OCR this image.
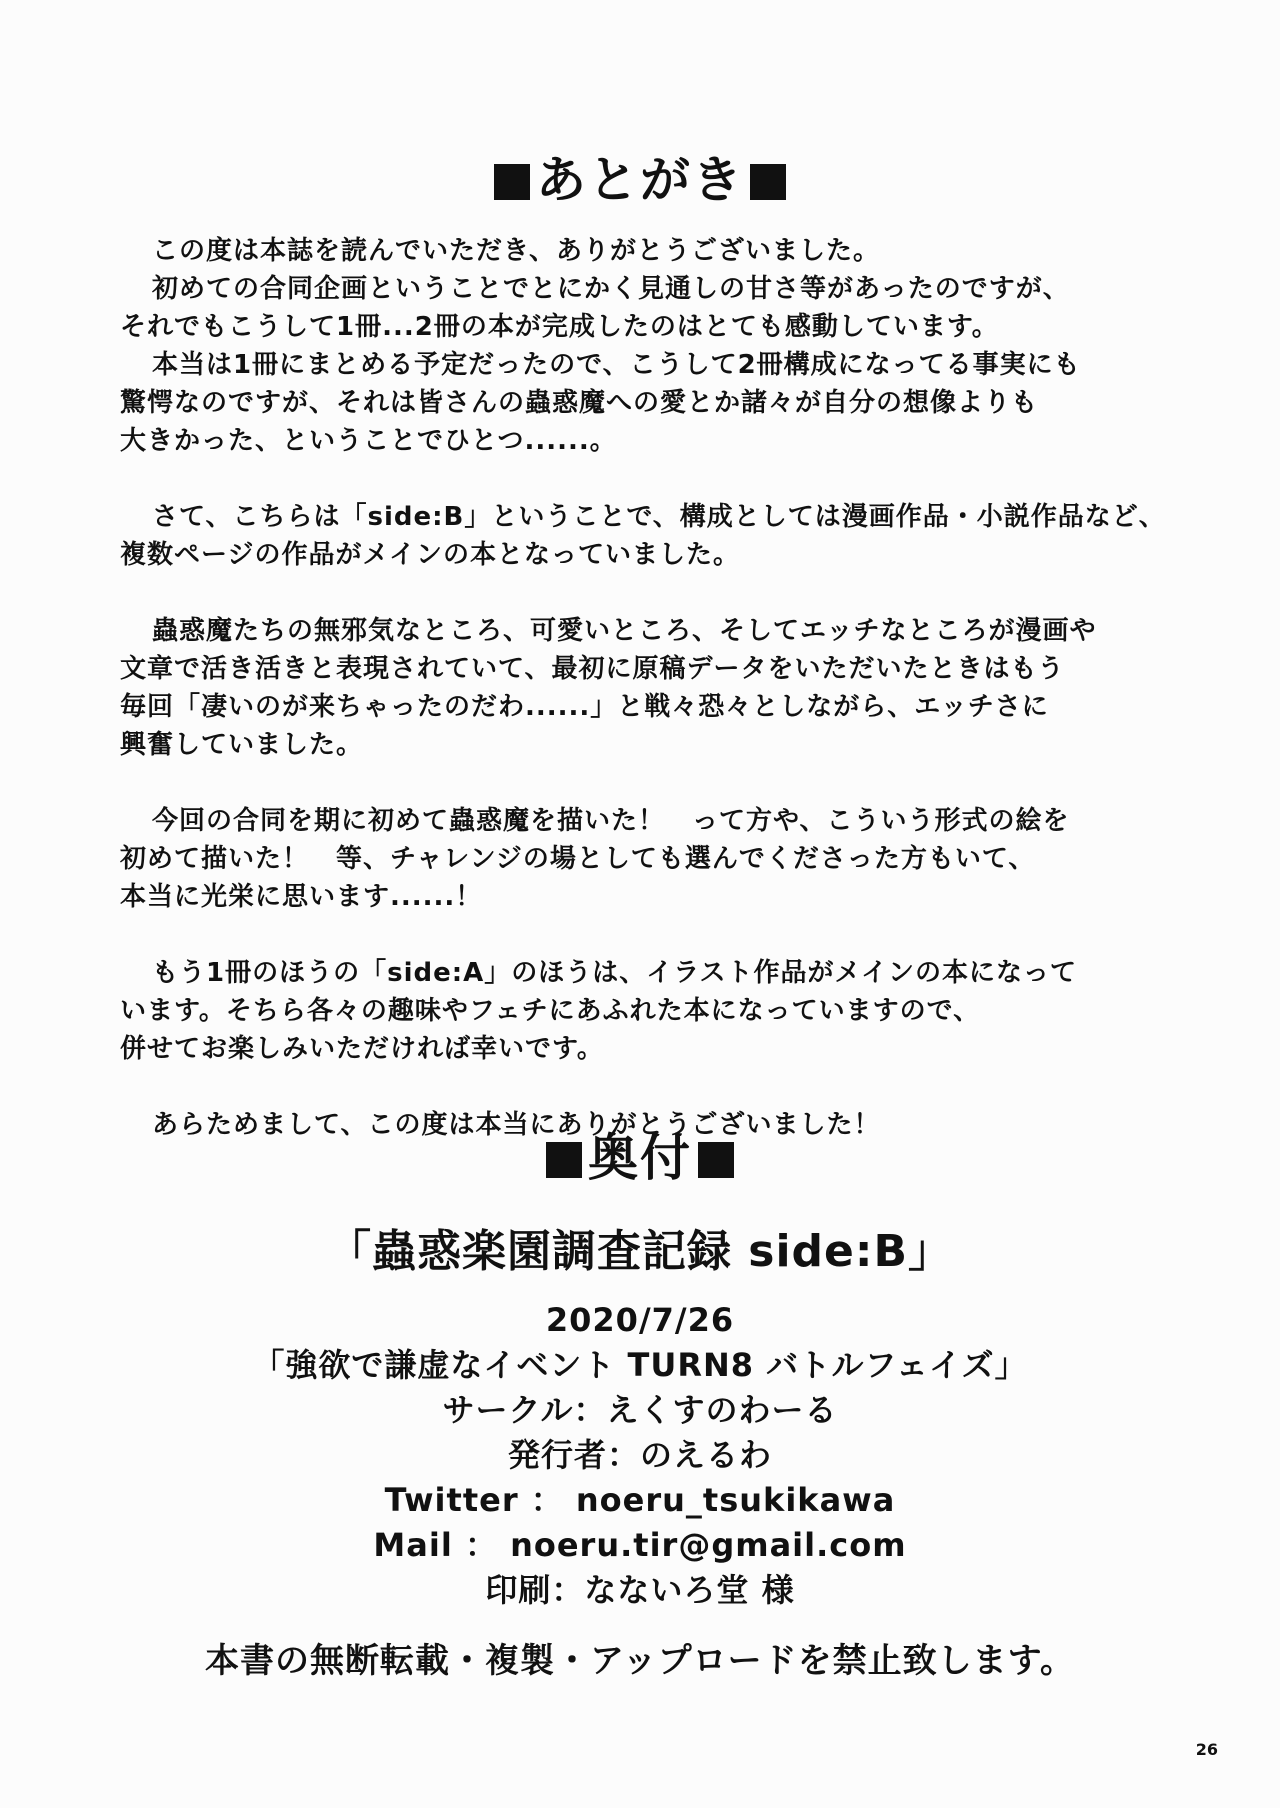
あとがき
この度は本誌を読んでいただき、ありがとうございました。
初めての合同企画ということでとにかく見通しの甘さ等があったのですが、
それでもこうして1冊...2冊の本が完成したのはとても感動しています。
本当は1冊にまとめる予定だったので、こうして2冊構成になってる事実にも
驚愕なのですが、それは皆さんの蟲惑魔への愛とか諸々が自分の想像よりも
大きかった、ということでひとつ......。
さて、こちらは「side:B」ということで、構成としては漫画作品・小説作品など、
複数ページの作品がメインの本となっていました。
蟲惑魔たちの無邪気なところ、可愛いところ、そしてエッチなところが漫画や
文章で活き活きと表現されていて、最初に原稿データをいただいたときはもう
毎回「凄いのが来ちゃったのだわ......」と戦々恐々としながら、エッチさに
興奮していました。
今回の合同を期に初めて蟲惑魔を描いた！　って方や、こういう形式の絵を
初めて描いた！　等、チャレンジの場としても選んでくださった方もいて、
本当に光栄に思います......！
もう1冊のほうの「side:A」のほうは、イラスト作品がメインの本になって
います。そちら各々の趣味やフェチにあふれた本になっていますので、
併せてお楽しみいただければ幸いです。
あらためまして、この度は本当にありがとうございました！
奥付
「蟲惑楽園調査記録 side:B」
2020/7/26
「強欲で謙虚なイベント TURN8 バトルフェイズ」
サークル：えくすのわーる
発行者：のえるわ
Twitter ： noeru_tsukikawa
Mail ： noeru.tir@gmail.com
印刷：なないろ堂 様
本書の無断転載・複製・アップロードを禁止致します。
26
